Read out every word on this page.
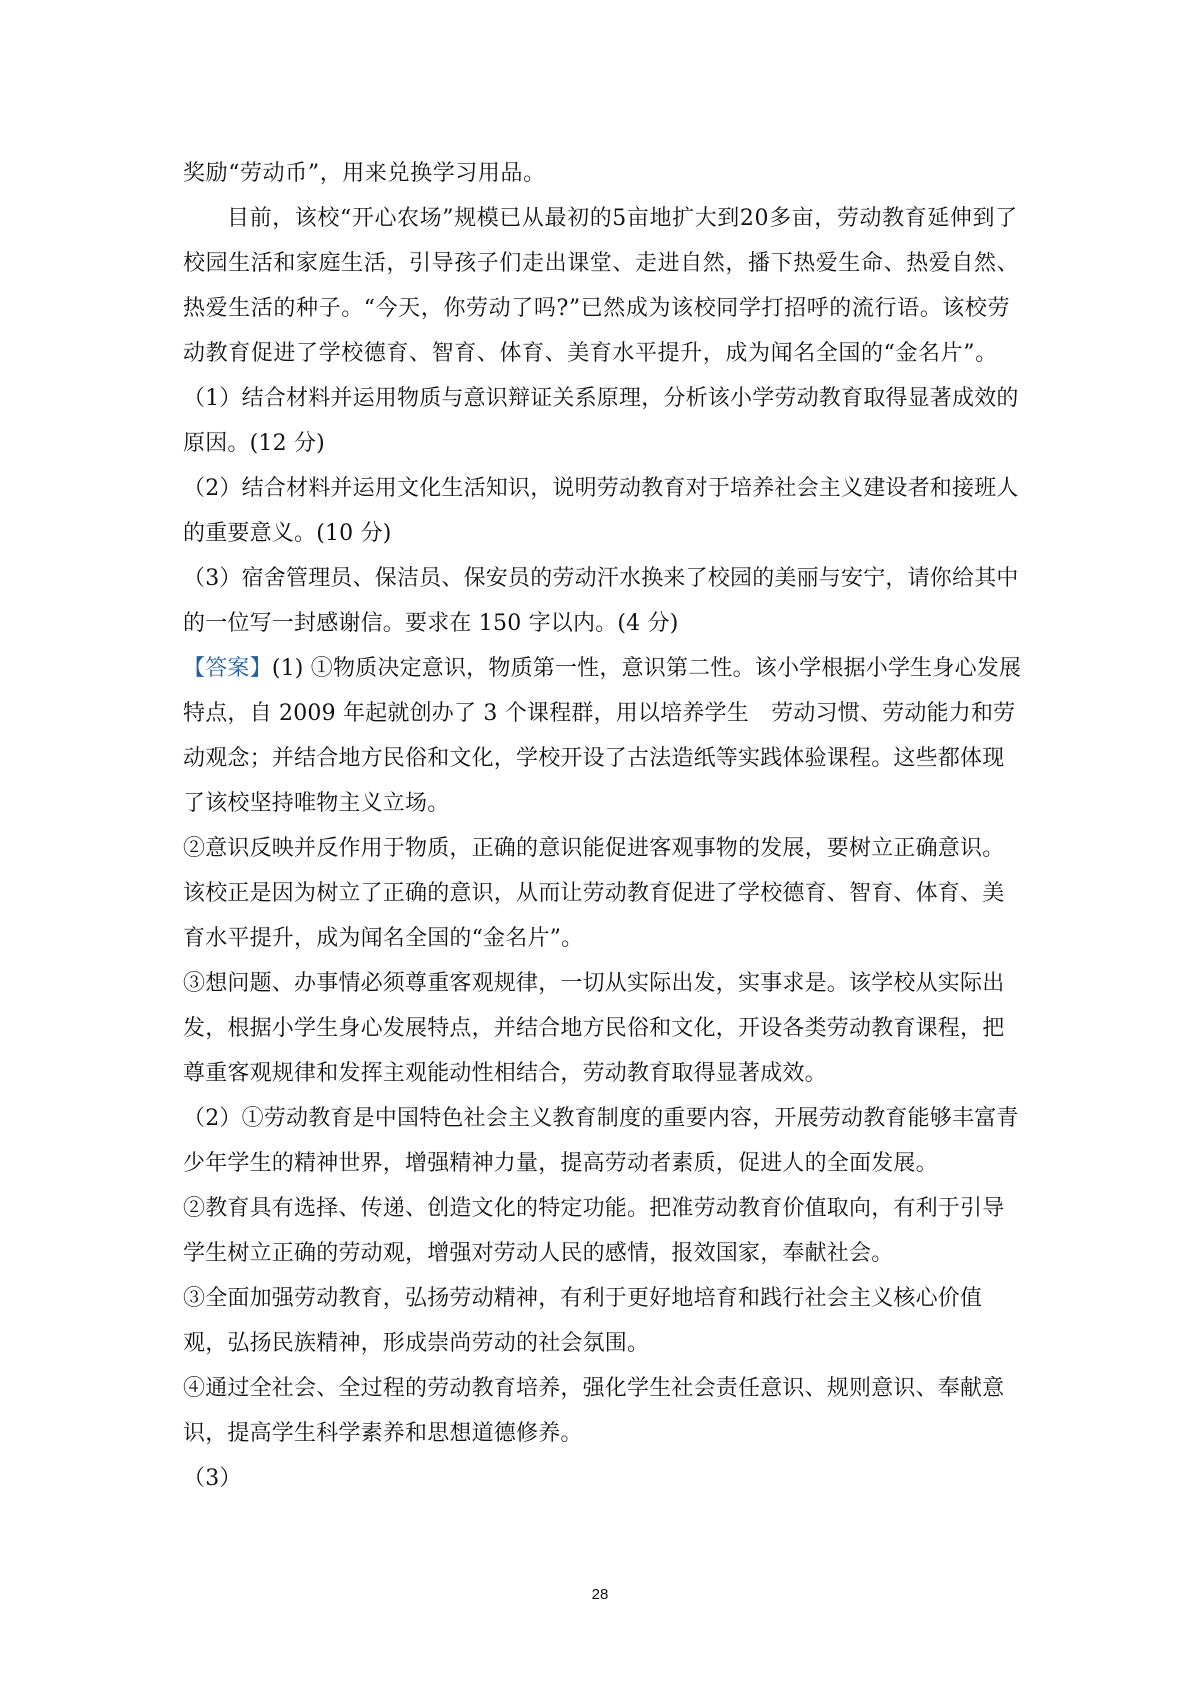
奖励“劳动币”，用来兑换学习用品。

目前，该校“开心农场”规模已从最初的5亩地扩大到20多亩，劳动教育延伸到了校园生活和家庭生活，引导孩子们走出课堂、走进自然，播下热爱生命、热爱自然、热爱生活的种子。“今天，你劳动了吗?”已然成为该校同学打招呼的流行语。该校劳动教育促进了学校德育、智育、体育、美育水平提升，成为闻名全国的“金名片”。

（1）结合材料并运用物质与意识辩证关系原理，分析该小学劳动教育取得显著成效的原因。(12 分)

（2）结合材料并运用文化生活知识，说明劳动教育对于培养社会主义建设者和接班人的重要意义。(10 分)

（3）宿舍管理员、保洁员、保安员的劳动汗水换来了校园的美丽与安宁，请你给其中的一位写一封感谢信。要求在 150 字以内。(4 分)

【答案】(1) ①物质决定意识，物质第一性，意识第二性。该小学根据小学生身心发展特点，自 2009 年起就创办了 3 个课程群，用以培养学生　劳动习惯、劳动能力和劳动观念；并结合地方民俗和文化，学校开设了古法造纸等实践体验课程。这些都体现了该校坚持唯物主义立场。

②意识反映并反作用于物质，正确的意识能促进客观事物的发展，要树立正确意识。该校正是因为树立了正确的意识，从而让劳动教育促进了学校德育、智育、体育、美育水平提升，成为闻名全国的“金名片”。

③想问题、办事情必须尊重客观规律，一切从实际出发，实事求是。该学校从实际出发，根据小学生身心发展特点，并结合地方民俗和文化，开设各类劳动教育课程，把尊重客观规律和发挥主观能动性相结合，劳动教育取得显著成效。

（2）①劳动教育是中国特色社会主义教育制度的重要内容，开展劳动教育能够丰富青少年学生的精神世界，增强精神力量，提高劳动者素质，促进人的全面发展。

②教育具有选择、传递、创造文化的特定功能。把准劳动教育价值取向，有利于引导学生树立正确的劳动观，增强对劳动人民的感情，报效国家，奉献社会。

③全面加强劳动教育，弘扬劳动精神，有利于更好地培育和践行社会主义核心价值观，弘扬民族精神，形成崇尚劳动的社会氛围。

④通过全社会、全过程的劳动教育培养，强化学生社会责任意识、规则意识、奉献意识，提高学生科学素养和思想道德修养。

（3）

28
